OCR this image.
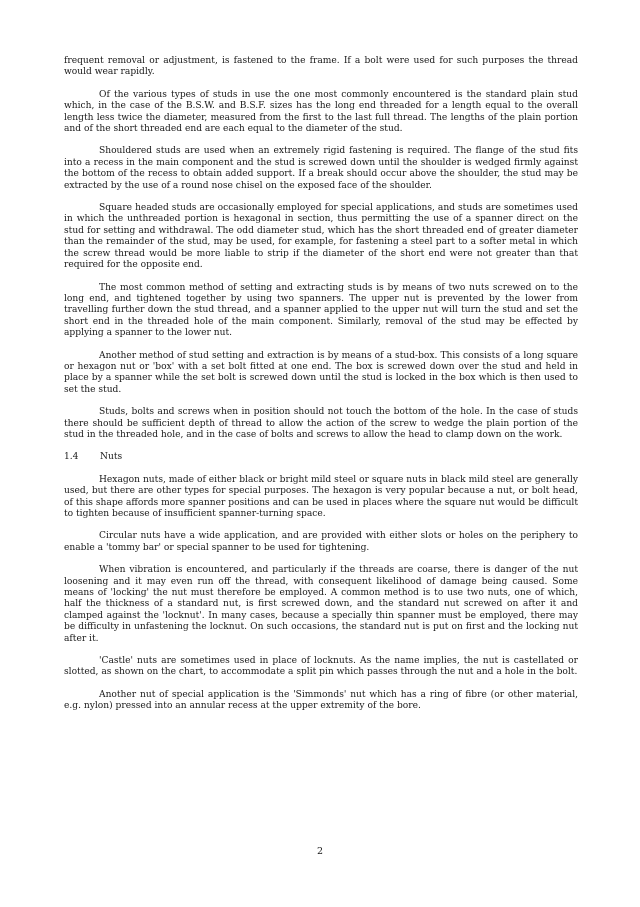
frequent removal or adjustment, is fastened to the frame. If a bolt were used for such purposes the thread would wear rapidly.

Of the various types of studs in use the one most commonly encountered is the standard plain stud which, in the case of the B.S.W. and B.S.F. sizes has the long end threaded for a length equal to the overall length less twice the diameter, measured from the first to the last full thread. The lengths of the plain portion and of the short threaded end are each equal to the diameter of the stud.

Shouldered studs are used when an extremely rigid fastening is required. The flange of the stud fits into a recess in the main component and the stud is screwed down until the shoulder is wedged firmly against the bottom of the recess to obtain added support. If a break should occur above the shoulder, the stud may be extracted by the use of a round nose chisel on the exposed face of the shoulder.

Square headed studs are occasionally employed for special applications, and studs are sometimes used in which the unthreaded portion is hexagonal in section, thus permitting the use of a spanner direct on the stud for setting and withdrawal. The odd diameter stud, which has the short threaded end of greater diameter than the remainder of the stud, may be used, for example, for fastening a steel part to a softer metal in which the screw thread would be more liable to strip if the diameter of the short end were not greater than that required for the opposite end.

The most common method of setting and extracting studs is by means of two nuts screwed on to the long end, and tightened together by using two spanners. The upper nut is prevented by the lower from travelling further down the stud thread, and a spanner applied to the upper nut will turn the stud and set the short end in the threaded hole of the main component. Similarly, removal of the stud may be effected by applying a spanner to the lower nut.

Another method of stud setting and extraction is by means of a stud-box. This consists of a long square or hexagon nut or 'box' with a set bolt fitted at one end. The box is screwed down over the stud and held in place by a spanner while the set bolt is screwed down until the stud is locked in the box which is then used to set the stud.

Studs, bolts and screws when in position should not touch the bottom of the hole. In the case of studs there should be sufficient depth of thread to allow the action of the screw to wedge the plain portion of the stud in the threaded hole, and in the case of bolts and screws to allow the head to clamp down on the work.

1.4	Nuts

Hexagon nuts, made of either black or bright mild steel or square nuts in black mild steel are generally used, but there are other types for special purposes. The hexagon is very popular because a nut, or bolt head, of this shape affords more spanner positions and can be used in places where the square nut would be difficult to tighten because of insufficient spanner-turning space.

Circular nuts have a wide application, and are provided with either slots or holes on the periphery to enable a 'tommy bar' or special spanner to be used for tightening.

When vibration is encountered, and particularly if the threads are coarse, there is danger of the nut loosening and it may even run off the thread, with consequent likelihood of damage being caused. Some means of 'locking' the nut must therefore be employed. A common method is to use two nuts, one of which, half the thickness of a standard nut, is first screwed down, and the standard nut screwed on after it and clamped against the 'locknut'. In many cases, because a specially thin spanner must be employed, there may be difficulty in unfastening the locknut. On such occasions, the standard nut is put on first and the locking nut after it.

'Castle' nuts are sometimes used in place of locknuts. As the name implies, the nut is castellated or slotted, as shown on the chart, to accommodate a split pin which passes through the nut and a hole in the bolt.

Another nut of special application is the 'Simmonds' nut which has a ring of fibre (or other material, e.g. nylon) pressed into an annular recess at the upper extremity of the bore.

2
